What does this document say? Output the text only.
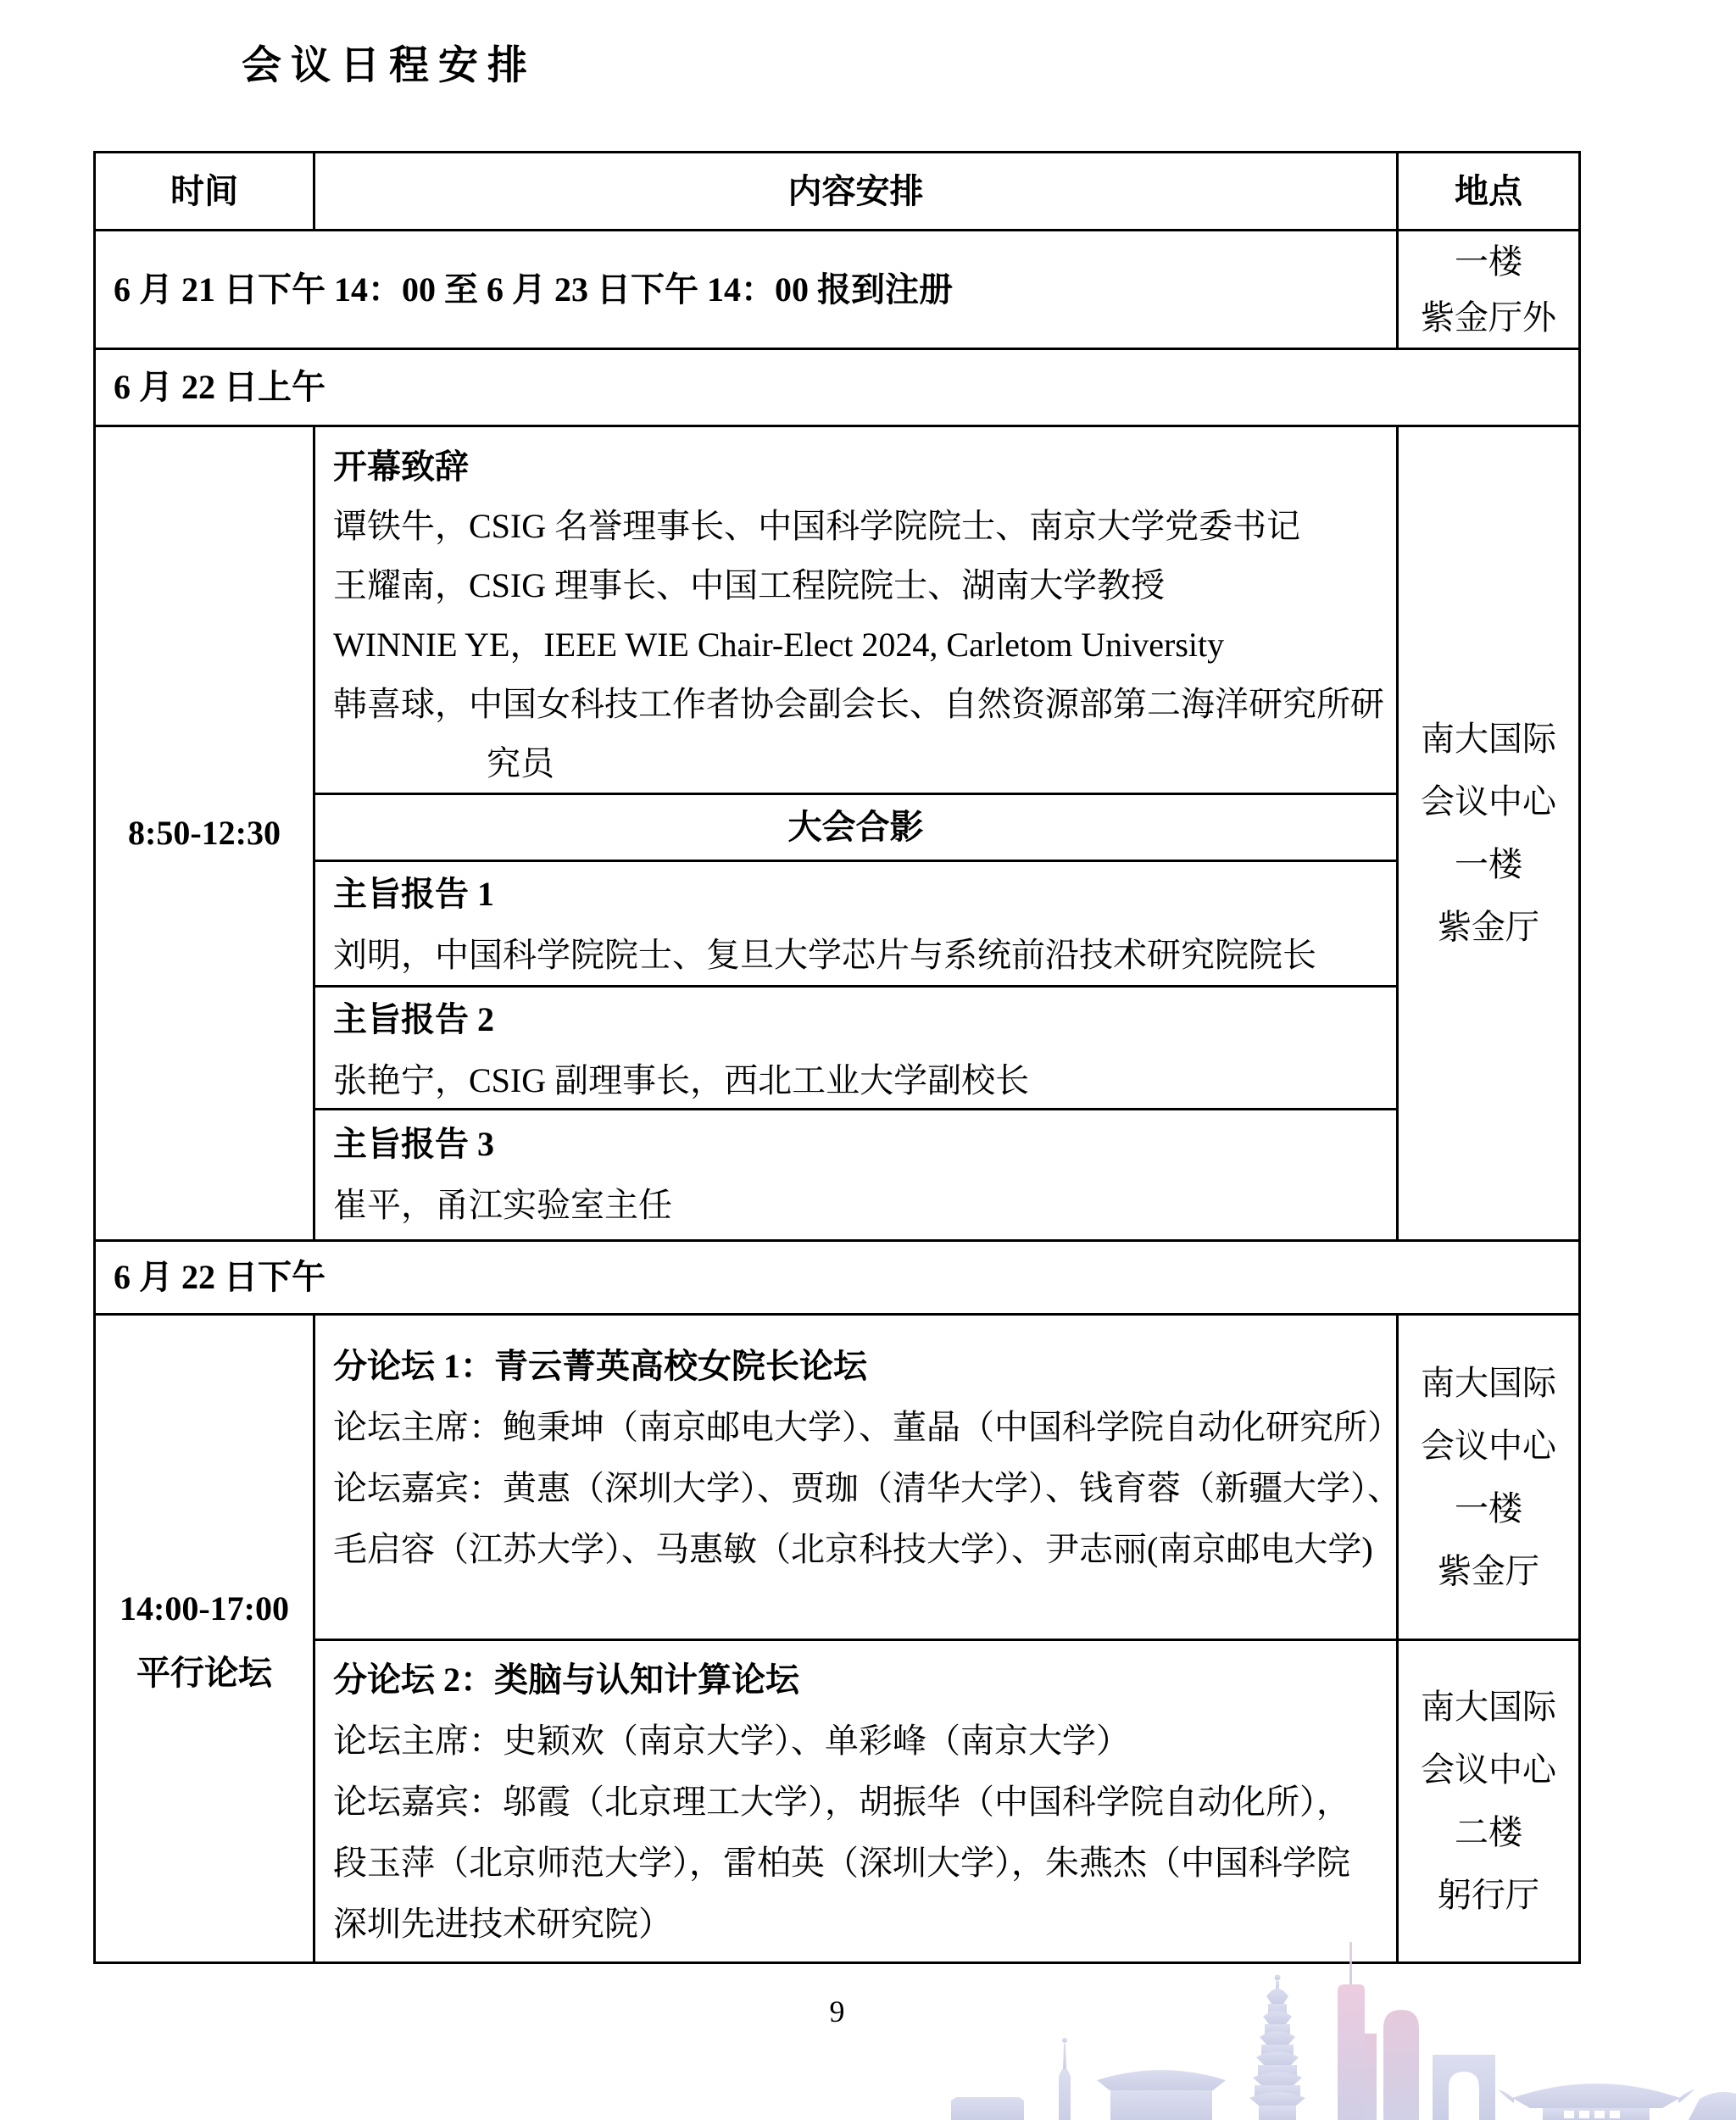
会议日程安排
时间	内容安排	地点
6 月 21 日下午 14：00 至 6 月 23 日下午 14：00 报到注册
一楼
紫金厅外
6 月 22 日上午
8:50-12:30
开幕致辞
谭铁牛，CSIG 名誉理事长、中国科学院院士、南京大学党委书记
王耀南，CSIG 理事长、中国工程院院士、湖南大学教授
WINNIE YE，IEEE WIE Chair-Elect 2024, Carletom University
韩喜球，中国女科技工作者协会副会长、自然资源部第二海洋研究所研
究员
大会合影
主旨报告 1
刘明，中国科学院院士、复旦大学芯片与系统前沿技术研究院院长
主旨报告 2
张艳宁，CSIG 副理事长，西北工业大学副校长
主旨报告 3
崔平，甬江实验室主任
南大国际
会议中心
一楼
紫金厅
6 月 22 日下午
14:00-17:00
平行论坛
分论坛 1：青云菁英高校女院长论坛
论坛主席：鲍秉坤（南京邮电大学）、董晶（中国科学院自动化研究所）
论坛嘉宾：黄惠（深圳大学）、贾珈（清华大学）、钱育蓉（新疆大学）、
毛启容（江苏大学）、马惠敏（北京科技大学）、尹志丽(南京邮电大学)
南大国际
会议中心
一楼
紫金厅
分论坛 2：类脑与认知计算论坛
论坛主席：史颖欢（南京大学）、单彩峰（南京大学）
论坛嘉宾：邬霞（北京理工大学），胡振华（中国科学院自动化所），
段玉萍（北京师范大学），雷柏英（深圳大学），朱燕杰（中国科学院
深圳先进技术研究院）
南大国际
会议中心
二楼
躬行厅
9
